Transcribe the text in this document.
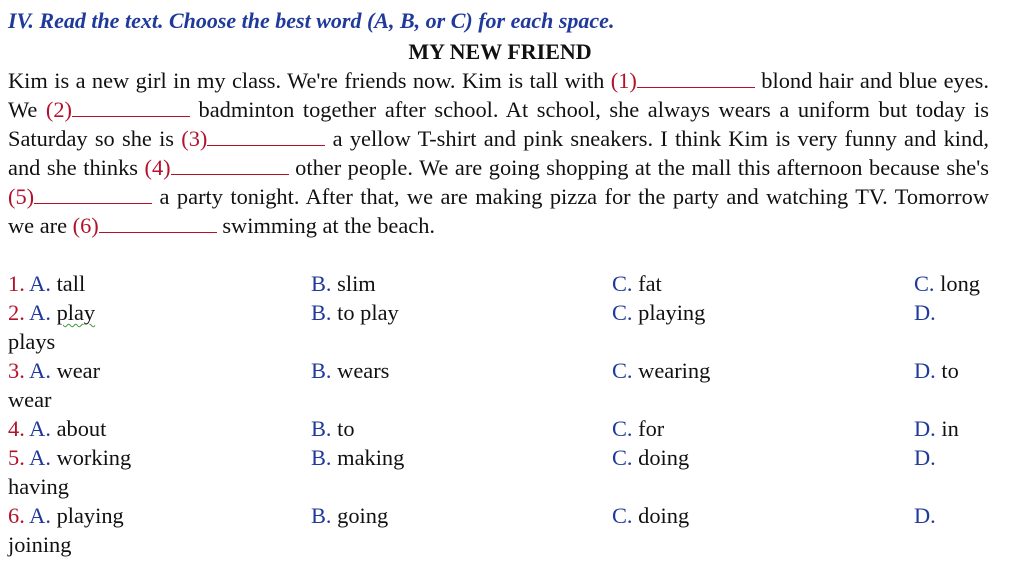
IV. Read the text. Choose the best word (A, B, or C) for each space.

MY NEW FRIEND

Kim is a new girl in my class. We're friends now. Kim is tall with (1)	blond hair and blue eyes. We (2)	badminton together after school. At school, she always wears a uniform but today is Saturday so she is (3)	a yellow T-shirt and pink sneakers. I think Kim is very funny and kind, and she thinks (4)	other people. We are going shopping at the mall this afternoon because she's (5)	a party tonight. After that, we are making pizza for the party and watching TV. Tomorrow we are (6)	swimming at the beach.

1. A. tall	B. slim	C. fat	C. long
2. A. play	B. to play	C. playing	D.
plays
3. A. wear	B. wears	C. wearing	D. to
wear
4. A. about	B. to	C. for	D. in
5. A. working	B. making	C. doing	D.
having
6. A. playing	B. going	C. doing	D.
joining
